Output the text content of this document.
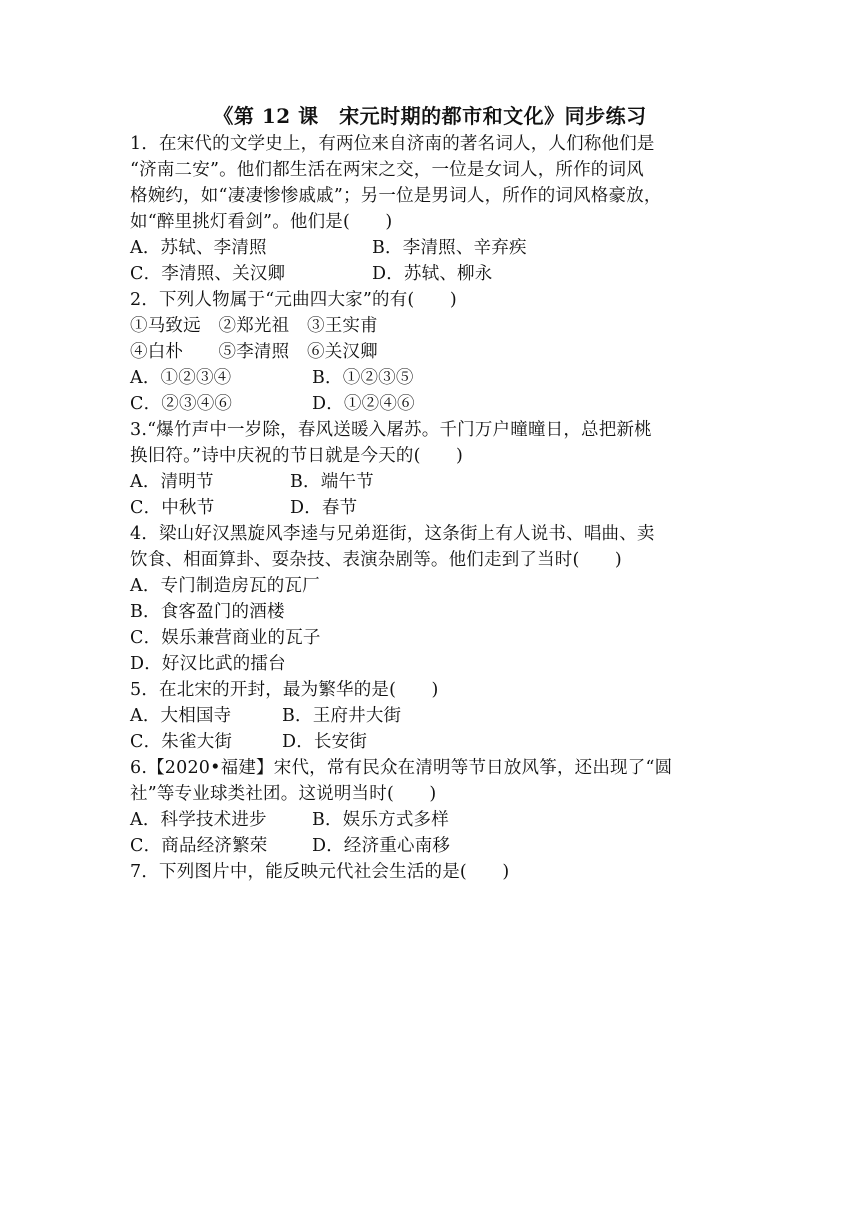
《第 12 课　宋元时期的都市和文化》同步练习
1．在宋代的文学史上，有两位来自济南的著名词人，人们称他们是
“济南二安”。他们都生活在两宋之交，一位是女词人，所作的词风
格婉约，如“凄凄惨惨戚戚”；另一位是男词人，所作的词风格豪放，
如“醉里挑灯看剑”。他们是(　　)
A．苏轼、李清照	B．李清照、辛弃疾
C．李清照、关汉卿	D．苏轼、柳永
2．下列人物属于“元曲四大家”的有(　　)
①马致远　②郑光祖　③王实甫
④白朴　　⑤李清照　⑥关汉卿
A．①②③④	B．①②③⑤
C．②③④⑥	D．①②④⑥
3.“爆竹声中一岁除，春风送暖入屠苏。千门万户曈曈日，总把新桃
换旧符。”诗中庆祝的节日就是今天的(　　)
A．清明节	B．端午节
C．中秋节	D．春节
4．梁山好汉黑旋风李逵与兄弟逛街，这条街上有人说书、唱曲、卖
饮食、相面算卦、耍杂技、表演杂剧等。他们走到了当时(　　)
A．专门制造房瓦的瓦厂
B．食客盈门的酒楼
C．娱乐兼营商业的瓦子
D．好汉比武的擂台
5．在北宋的开封，最为繁华的是(　　)
A．大相国寺	B．王府井大街
C．朱雀大街	D．长安街
6.【2020•福建】宋代，常有民众在清明等节日放风筝，还出现了“圆
社”等专业球类社团。这说明当时(　　)
A．科学技术进步	B．娱乐方式多样
C．商品经济繁荣	D．经济重心南移
7．下列图片中，能反映元代社会生活的是(　　)
